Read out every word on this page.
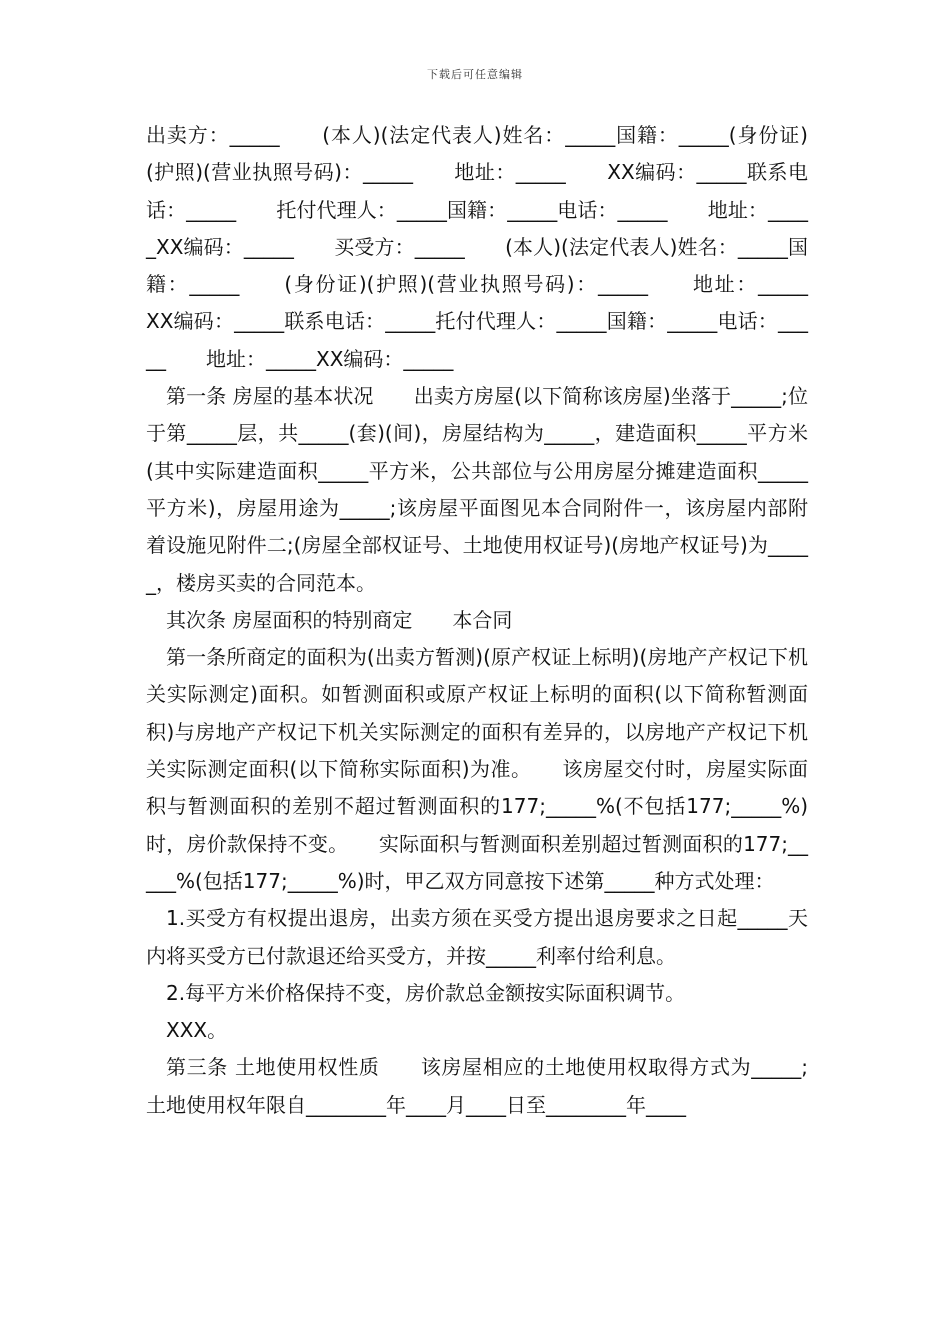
下载后可任意编辑

出卖方：_____　　(本人)(法定代表人)姓名：_____国籍：_____(身份证)(护照)(营业执照号码)：_____　　地址：_____　　XX编码：_____联系电话：_____　　托付代理人：_____国籍：_____电话：_____　　地址：_____XX编码：_____　　买受方：_____　　(本人)(法定代表人)姓名：_____国籍：_____　　(身份证)(护照)(营业执照号码)：_____　　地址：_____　　XX编码：_____联系电话：_____托付代理人：_____国籍：_____电话：_____　　地址：_____XX编码：_____

第一条 房屋的基本状况　　出卖方房屋(以下简称该房屋)坐落于_____;位于第_____层，共_____(套)(间)，房屋结构为_____，建造面积_____平方米(其中实际建造面积_____平方米，公共部位与公用房屋分摊建造面积_____平方米)，房屋用途为_____;该房屋平面图见本合同附件一，该房屋内部附着设施见附件二;(房屋全部权证号、土地使用权证号)(房地产权证号)为_____，楼房买卖的合同范本。

其次条 房屋面积的特别商定　　本合同

第一条所商定的面积为(出卖方暂测)(原产权证上标明)(房地产产权记下机关实际测定)面积。如暂测面积或原产权证上标明的面积(以下简称暂测面积)与房地产产权记下机关实际测定的面积有差异的，以房地产产权记下机关实际测定面积(以下简称实际面积)为准。　　该房屋交付时，房屋实际面积与暂测面积的差别不超过暂测面积的177;_____%(不包括177;_____%)时，房价款保持不变。　　实际面积与暂测面积差别超过暂测面积的177;_____%(包括177;_____%)时，甲乙双方同意按下述第_____种方式处理：

1.买受方有权提出退房，出卖方须在买受方提出退房要求之日起_____天内将买受方已付款退还给买受方，并按_____利率付给利息。

2.每平方米价格保持不变，房价款总金额按实际面积调节。

XXX。

第三条 土地使用权性质　　该房屋相应的土地使用权取得方式为_____;土地使用权年限自________年____月____日至________年____
